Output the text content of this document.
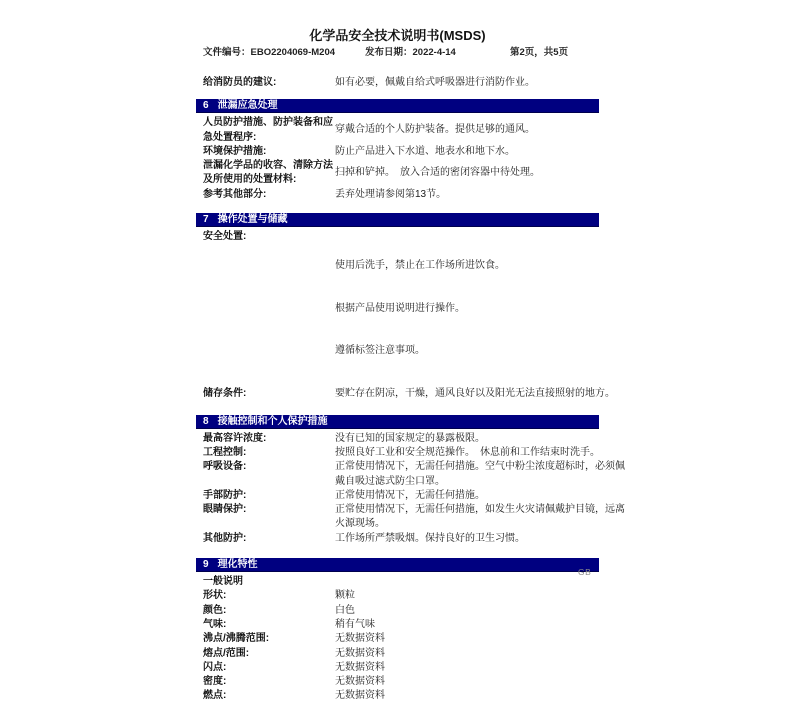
化学品安全技术说明书(MSDS)
文件编号：EBO2204069-M204	发布日期：2022-4-14	第2页，共5页
给消防员的建议:	如有必要，佩戴自给式呼吸器进行消防作业。
6 泄漏应急处理
人员防护措施、防护装备和应急处置程序:
穿戴合适的个人防护装备。提供足够的通风。
环境保护措施:	防止产品进入下水道、地表水和地下水。
泄漏化学品的收容、清除方法及所使用的处置材料:
扫掉和铲掉。　放入合适的密闭容器中待处理。
参考其他部分:	丢弃处理请参阅第13节。
7 操作处置与储藏
安全处置:

使用后洗手，禁止在工作场所进饮食。

根据产品使用说明进行操作。

遵循标签注意事项。

储存条件:	要贮存在阴凉，干燥，通风良好以及阳光无法直接照射的地方。
8 接触控制和个人保护措施
最高容许浓度:	没有已知的国家规定的暴露极限。
工程控制:	按照良好工业和安全规范操作。　休息前和工作结束时洗手。
呼吸设备:	正常使用情况下，无需任何措施。空气中粉尘浓度超标时，必须佩戴自吸过滤式防尘口罩。
手部防护:	正常使用情况下，无需任何措施。
眼睛保护:	正常使用情况下，无需任何措施，如发生火灾请佩戴护目镜，远离火源现场。
其他防护:	工作场所严禁吸烟。保持良好的卫生习惯。
9 理化特性
一般说明
形状:	颗粒
颜色:	白色
气味:	稍有气味
沸点/沸腾范围:	无数据资料
熔点/范围:	无数据资料
闪点:	无数据资料
密度:	无数据资料
燃点:	无数据资料
GB
